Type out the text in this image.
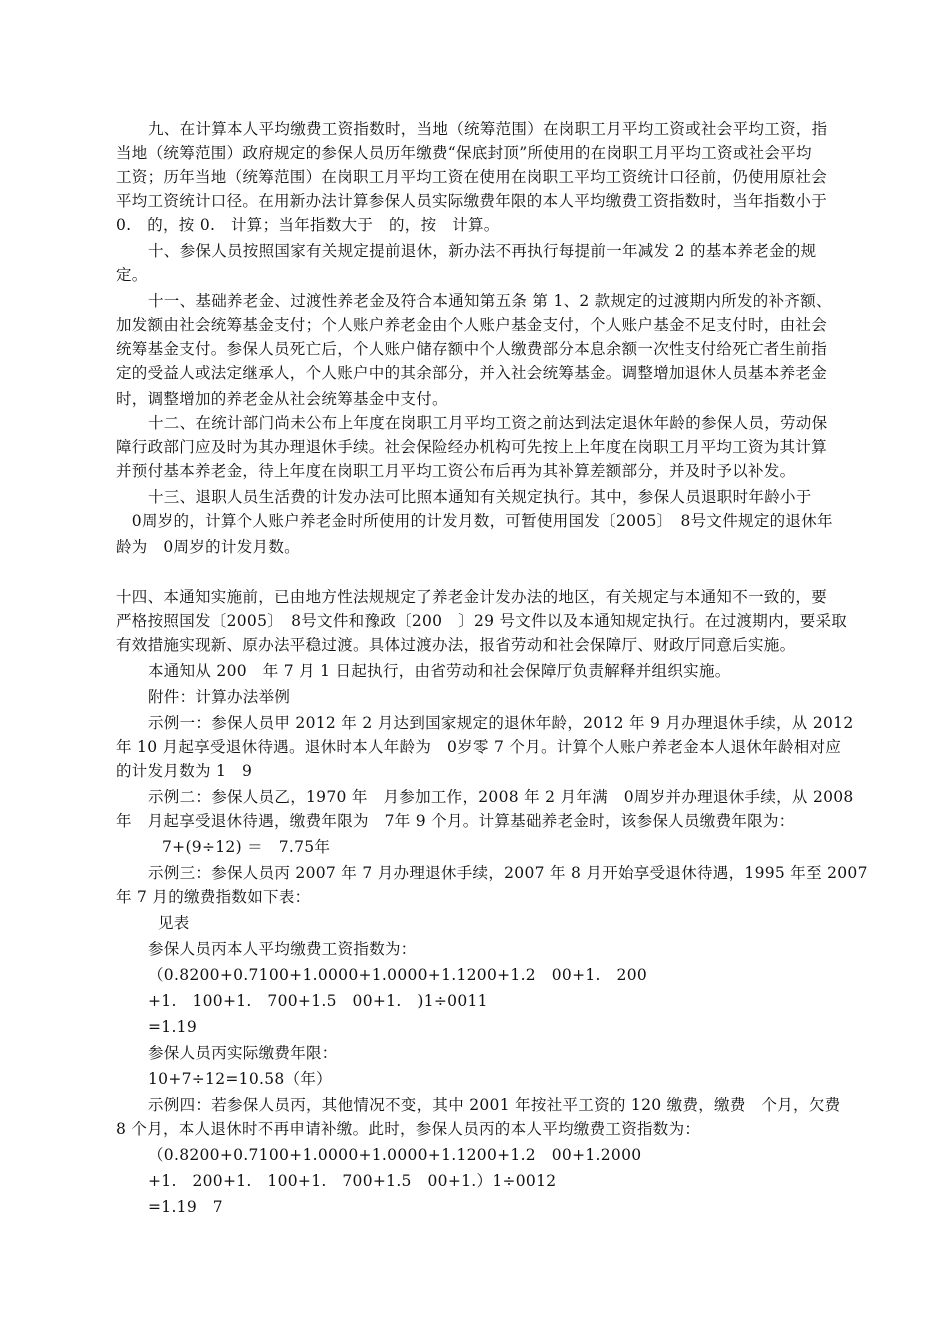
九、在计算本人平均缴费工资指数时，当地（统筹范围）在岗职工月平均工资或社会平均工资，指
当地（统筹范围）政府规定的参保人员历年缴费“保底封顶”所使用的在岗职工月平均工资或社会平均
工资；历年当地（统筹范围）在岗职工月平均工资在使用在岗职工平均工资统计口径前，仍使用原社会
平均工资统计口径。在用新办法计算参保人员实际缴费年限的本人平均缴费工资指数时，当年指数小于
0.　的，按 0.　计算；当年指数大于　的，按　计算。
十、参保人员按照国家有关规定提前退休，新办法不再执行每提前一年减发 2 的基本养老金的规
定。
十一、基础养老金、过渡性养老金及符合本通知第五条 第 1、2 款规定的过渡期内所发的补齐额、
加发额由社会统筹基金支付；个人账户养老金由个人账户基金支付，个人账户基金不足支付时，由社会
统筹基金支付。参保人员死亡后，个人账户储存额中个人缴费部分本息余额一次性支付给死亡者生前指
定的受益人或法定继承人，个人账户中的其余部分，并入社会统筹基金。调整增加退休人员基本养老金
时，调整增加的养老金从社会统筹基金中支付。
十二、在统计部门尚未公布上年度在岗职工月平均工资之前达到法定退休年龄的参保人员，劳动保
障行政部门应及时为其办理退休手续。社会保险经办机构可先按上上年度在岗职工月平均工资为其计算
并预付基本养老金，待上年度在岗职工月平均工资公布后再为其补算差额部分，并及时予以补发。
十三、退职人员生活费的计发办法可比照本通知有关规定执行。其中，参保人员退职时年龄小于
　0周岁的，计算个人账户养老金时所使用的计发月数，可暂使用国发〔2005〕　8号文件规定的退休年
龄为　0周岁的计发月数。
十四、本通知实施前，已由地方性法规规定了养老金计发办法的地区，有关规定与本通知不一致的，要
严格按照国发〔2005〕　8号文件和豫政〔200　〕29 号文件以及本通知规定执行。在过渡期内，要采取
有效措施实现新、原办法平稳过渡。具体过渡办法，报省劳动和社会保障厅、财政厅同意后实施。
本通知从 200　年 7 月 1 日起执行，由省劳动和社会保障厅负责解释并组织实施。
附件：计算办法举例
示例一：参保人员甲 2012 年 2 月达到国家规定的退休年龄，2012 年 9 月办理退休手续，从 2012
年 10 月起享受退休待遇。退休时本人年龄为　0岁零 7 个月。计算个人账户养老金本人退休年龄相对应
的计发月数为 1　9
示例二：参保人员乙，1970 年　月参加工作，2008 年 2 月年满　0周岁并办理退休手续，从 2008
年　月起享受退休待遇，缴费年限为　7年 9 个月。计算基础养老金时，该参保人员缴费年限为：
7+(9÷12) ＝　7.75年
示例三：参保人员丙 2007 年 7 月办理退休手续，2007 年 8 月开始享受退休待遇，1995 年至 2007
年 7 月的缴费指数如下表：
见表
参保人员丙本人平均缴费工资指数为：
（0.8200+0.7100+1.0000+1.0000+1.1200+1.2　00+1.　200
+1.　100+1.　700+1.5　00+1.　)1÷0011
=1.19
参保人员丙实际缴费年限：
10+7÷12=10.58（年）
示例四：若参保人员丙，其他情况不变，其中 2001 年按社平工资的 120 缴费，缴费　个月，欠费
8 个月，本人退休时不再申请补缴。此时，参保人员丙的本人平均缴费工资指数为：
（0.8200+0.7100+1.0000+1.0000+1.1200+1.2　00+1.2000
+1.　200+1.　100+1.　700+1.5　00+1.）1÷0012
=1.19　7
